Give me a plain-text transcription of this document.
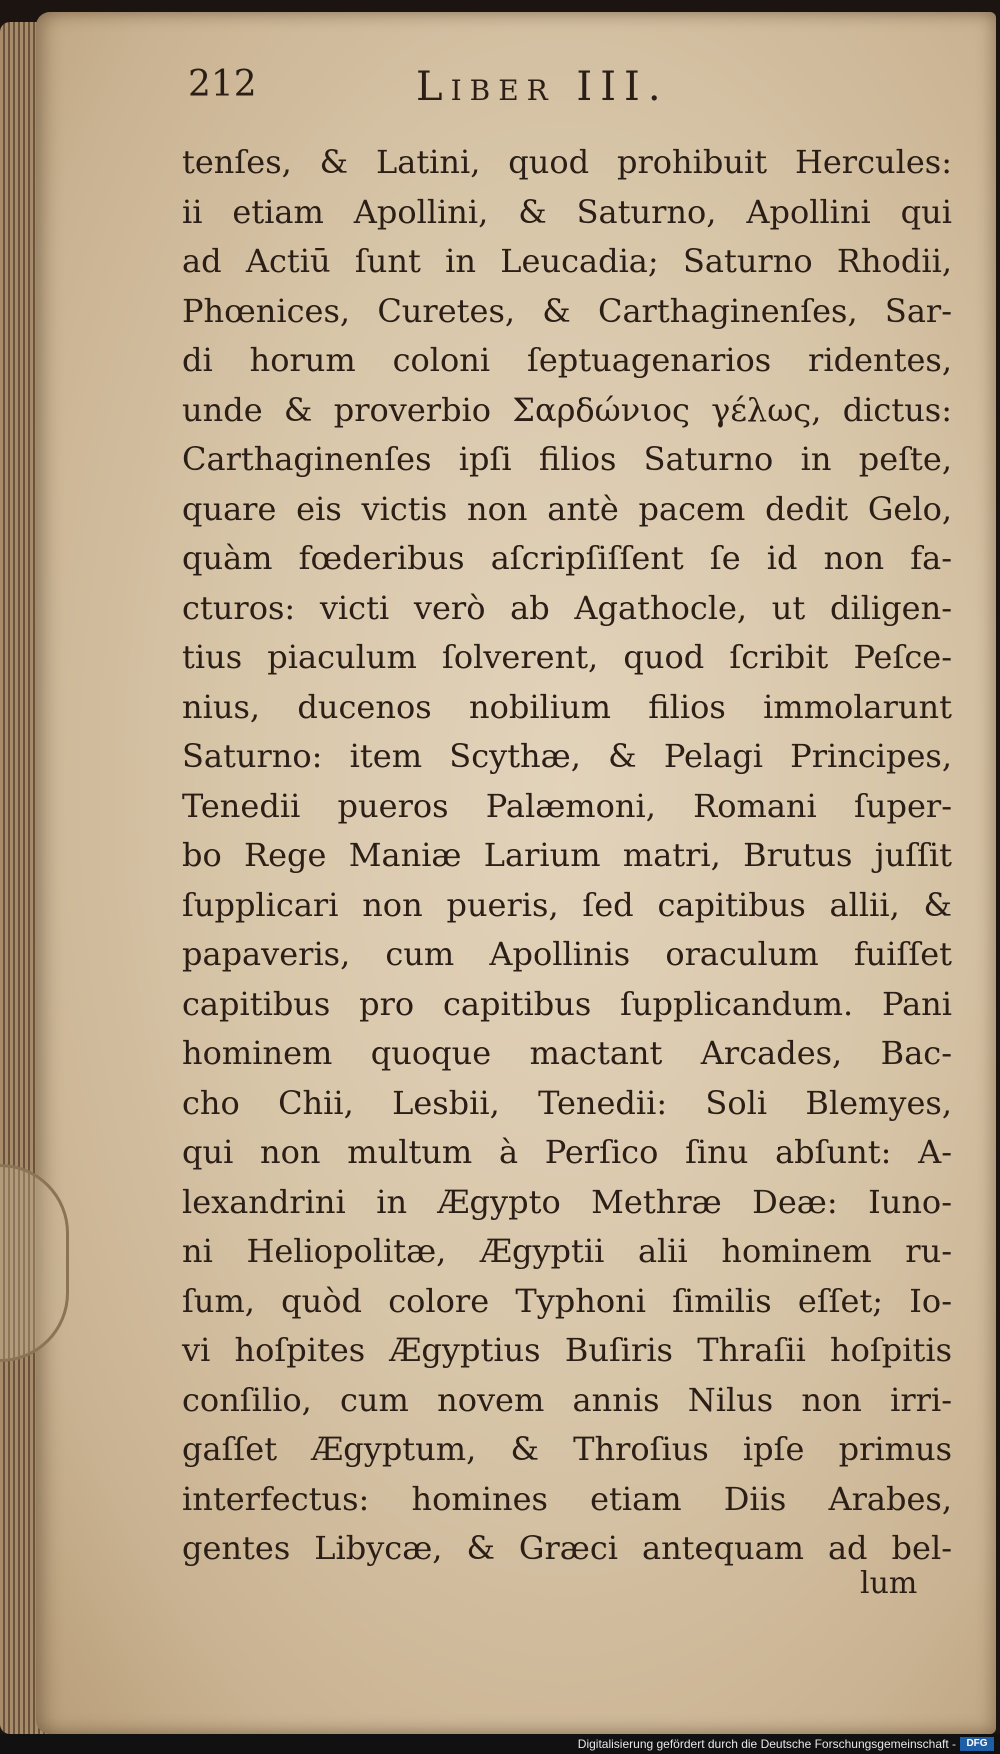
212	Liber III.
tenſes, & Latini, quod prohibuit Hercules:
ii etiam Apollini, & Saturno, Apollini qui
ad Actiū ſunt in Leucadia; Saturno Rhodii,
Phœnices, Curetes, & Carthaginenſes, Sar-
di horum coloni ſeptuagenarios ridentes,
unde & proverbio Σαρδώνιος γέλως, dictus:
Carthaginenſes ipſi filios Saturno in peſte,
quare eis victis non antè pacem dedit Gelo,
quàm fœderibus aſcripſiſſent ſe id non fa-
cturos: victi verò ab Agathocle, ut diligen-
tius piaculum ſolverent, quod ſcribit Peſce-
nius, ducenos nobilium filios immolarunt
Saturno: item Scythæ, & Pelagi Principes,
Tenedii pueros Palæmoni, Romani ſuper-
bo Rege Maniæ Larium matri, Brutus juſſit
ſupplicari non pueris, ſed capitibus allii, &
papaveris, cum Apollinis oraculum fuiſſet
capitibus pro capitibus ſupplicandum. Pani
hominem quoque mactant Arcades, Bac-
cho Chii, Lesbii, Tenedii: Soli Blemyes,
qui non multum à Perſico ſinu abſunt: A-
lexandrini in Ægypto Methræ Deæ: Iuno-
ni Heliopolitæ, Ægyptii alii hominem ru-
ſum, quòd colore Typhoni ſimilis eſſet; Io-
vi hoſpites Ægyptius Buſiris Thraſii hoſpitis
conſilio, cum novem annis Nilus non irri-
gaſſet Ægyptum, & Throſius ipſe primus
interfectus: homines etiam Diis Arabes,
gentes Libycæ, & Græci antequam ad bel-
lum
Digitalisierung gefördert durch die Deutsche Forschungsgemeinschaft -	DFG
